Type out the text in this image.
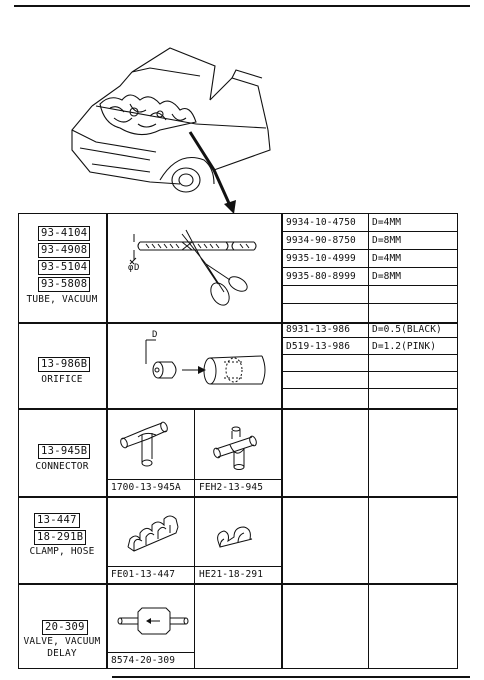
93-4104
93-4908
93-5104
93-5808
TUBE, VACUUM
φ D
9934-10-4750 D=4MM
9934-90-8750 D=8MM
9935-10-4999 D=4MM
9935-80-8999 D=8MM
13-986B
ORIFICE
D	8931-13-986 D=0.5(BLACK)
D519-13-986 D=1.2(PINK)
13-945B
CONNECTOR
1700-13-945A FEH2-13-945
13-447
18-291B
CLAMP, HOSE
FE01-13-447	HE21-18-291
20-309
VALVE, VACUUM DELAY
8574-20-309
